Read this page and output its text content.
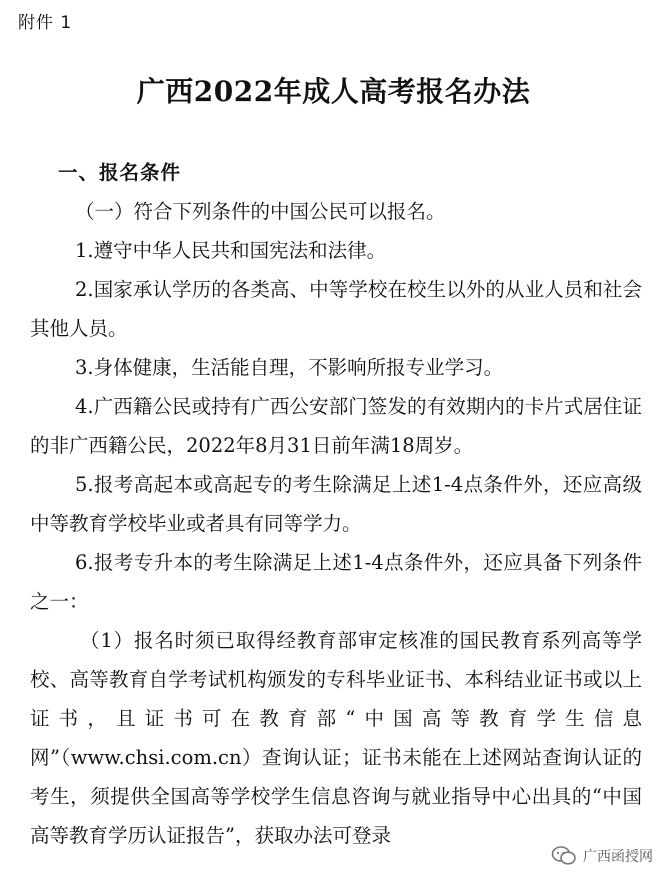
附件 1
广西2022年成人高考报名办法
一、报名条件

（一）符合下列条件的中国公民可以报名。

1.遵守中华人民共和国宪法和法律。

2.国家承认学历的各类高、中等学校在校生以外的从业人员和社会其他人员。

3.身体健康，生活能自理，不影响所报专业学习。

4.广西籍公民或持有广西公安部门签发的有效期内的卡片式居住证的非广西籍公民，2022年8月31日前年满18周岁。

5.报考高起本或高起专的考生除满足上述1-4点条件外，还应高级中等教育学校毕业或者具有同等学力。

6.报考专升本的考生除满足上述1-4点条件外，还应具备下列条件之一：

（1）报名时须已取得经教育部审定核准的国民教育系列高等学校、高等教育自学考试机构颁发的专科毕业证书、本科结业证书或以上证书，且证书可在教育部“中国高等教育学生信息网”（www.chsi.com.cn）查询认证；证书未能在上述网站查询认证的考生，须提供全国高等学校学生信息咨询与就业指导中心出具的“中国高等教育学历认证报告”，获取办法可登录

广西函授网
